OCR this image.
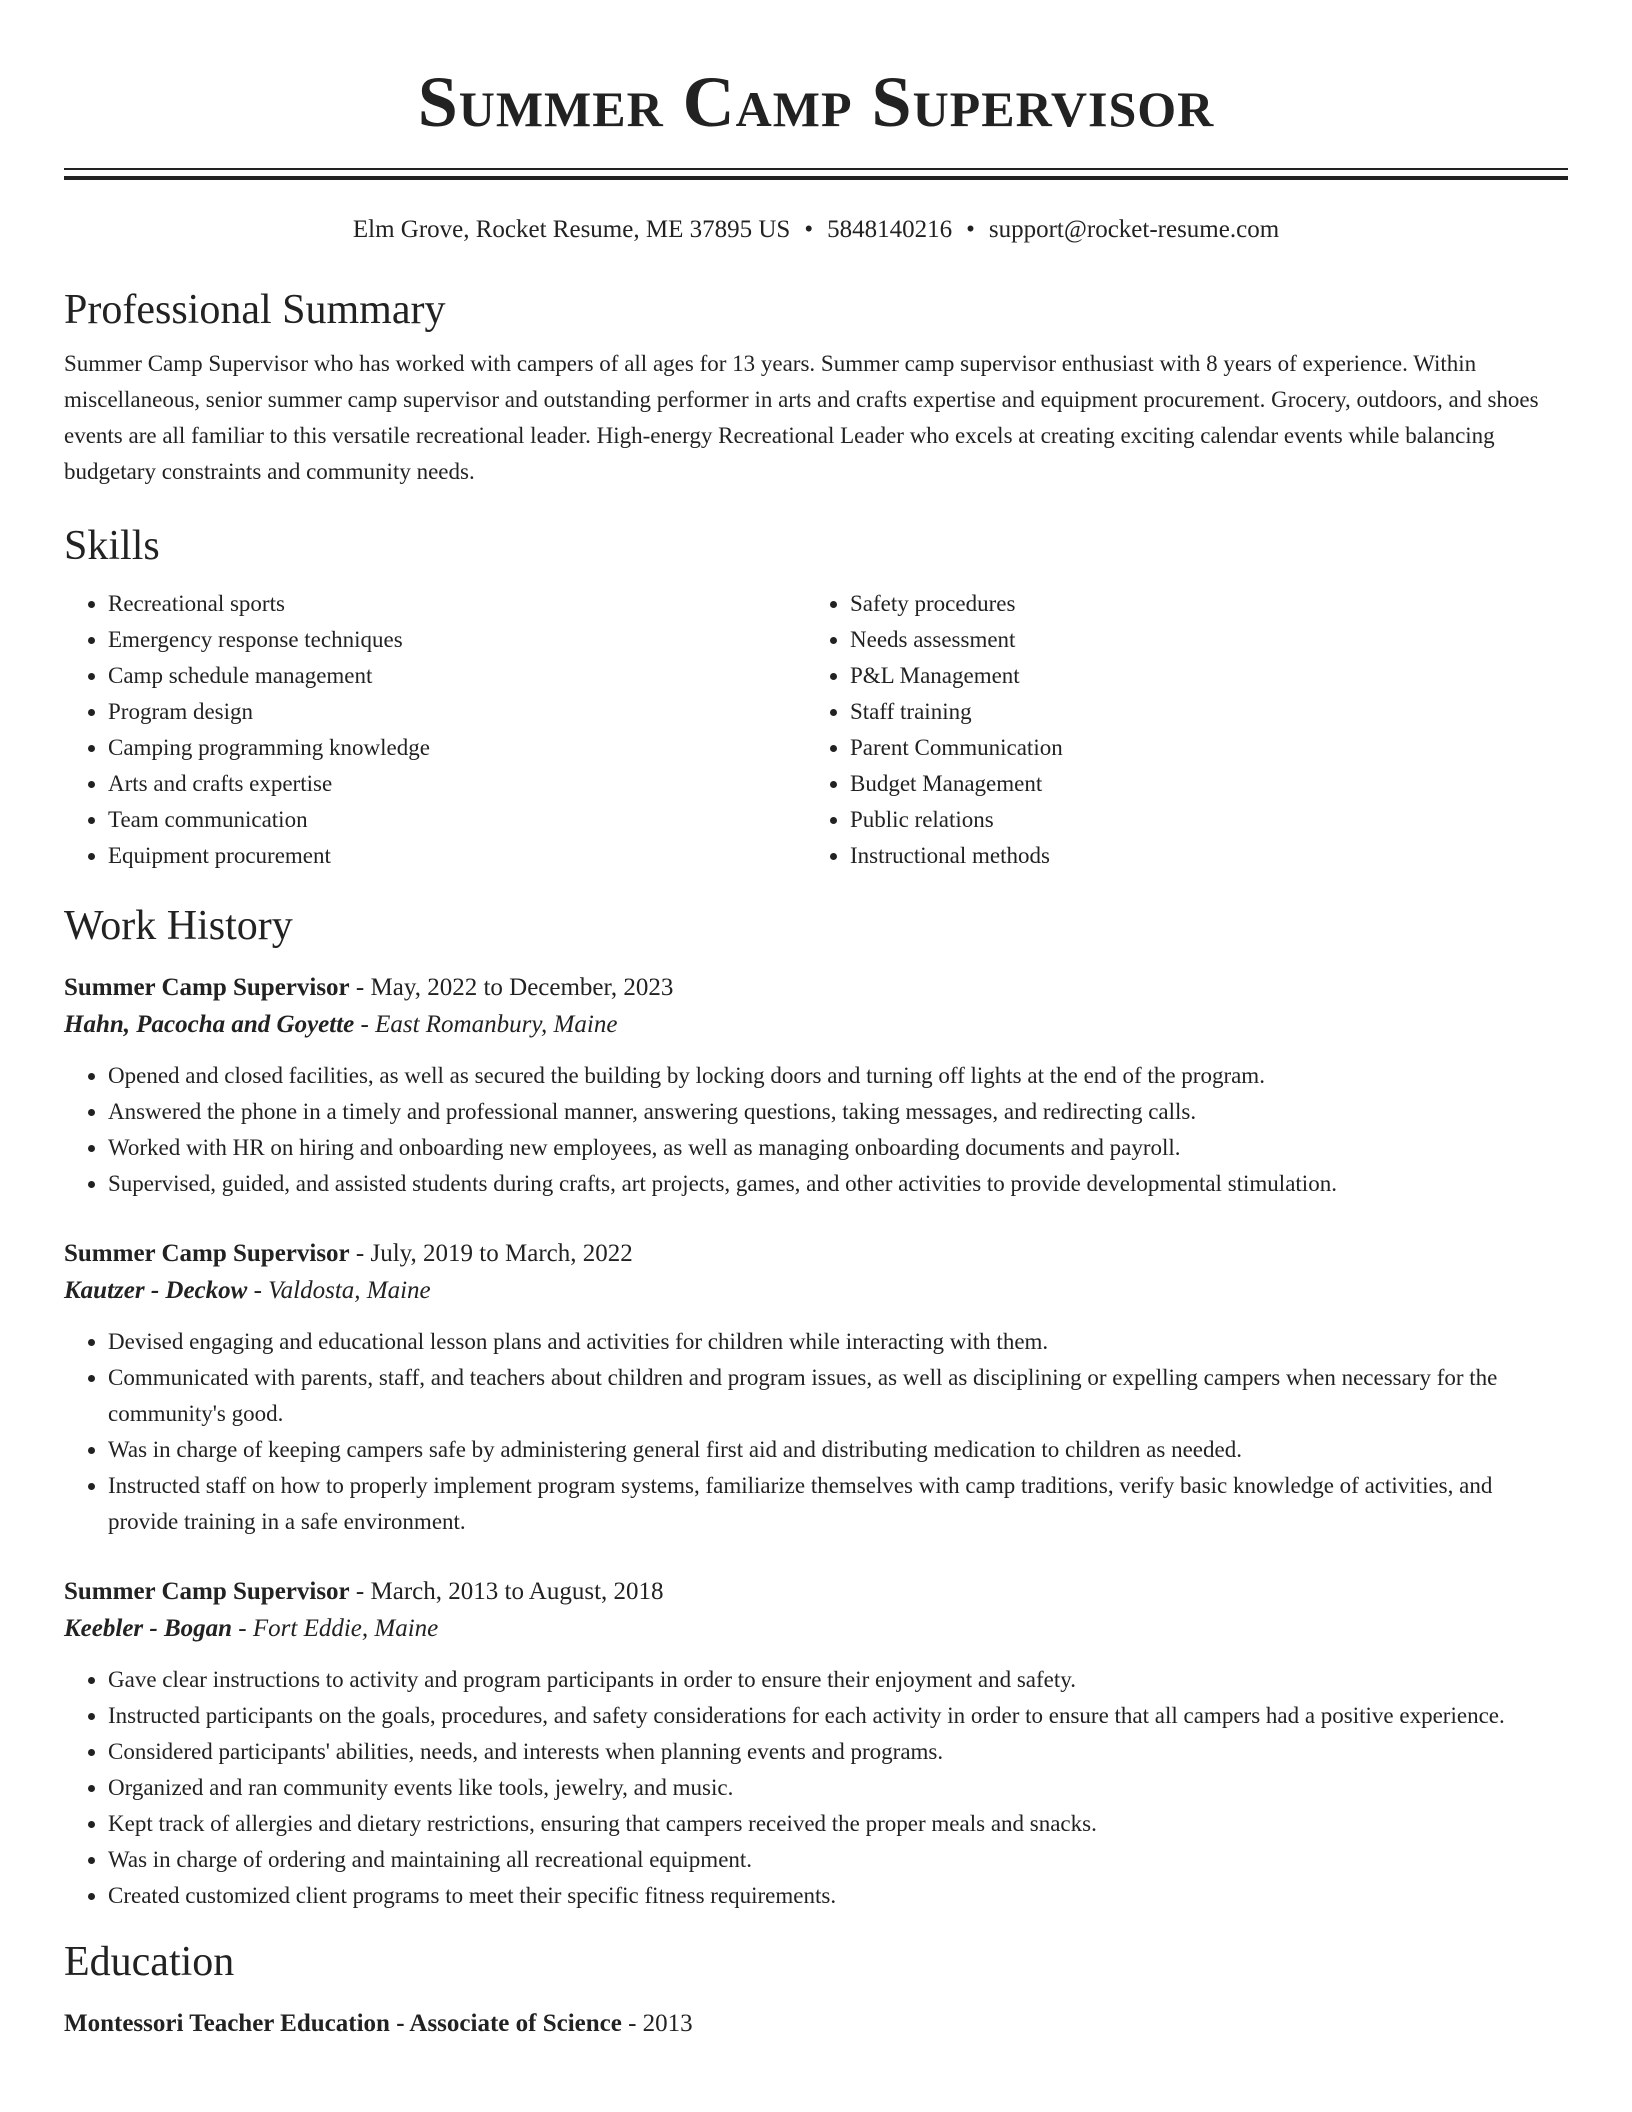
Summer Camp Supervisor
Elm Grove, Rocket Resume, ME 37895 US • 5848140216 • support@rocket-resume.com
Professional Summary
Summer Camp Supervisor who has worked with campers of all ages for 13 years. Summer camp supervisor enthusiast with 8 years of experience. Within miscellaneous, senior summer camp supervisor and outstanding performer in arts and crafts expertise and equipment procurement. Grocery, outdoors, and shoes events are all familiar to this versatile recreational leader. High-energy Recreational Leader who excels at creating exciting calendar events while balancing budgetary constraints and community needs.
Skills
• Recreational sports
• Emergency response techniques
• Camp schedule management
• Program design
• Camping programming knowledge
• Arts and crafts expertise
• Team communication
• Equipment procurement
• Safety procedures
• Needs assessment
• P&L Management
• Staff training
• Parent Communication
• Budget Management
• Public relations
• Instructional methods
Work History
Summer Camp Supervisor - May, 2022 to December, 2023
Hahn, Pacocha and Goyette - East Romanbury, Maine
• Opened and closed facilities, as well as secured the building by locking doors and turning off lights at the end of the program.
• Answered the phone in a timely and professional manner, answering questions, taking messages, and redirecting calls.
• Worked with HR on hiring and onboarding new employees, as well as managing onboarding documents and payroll.
• Supervised, guided, and assisted students during crafts, art projects, games, and other activities to provide developmental stimulation.
Summer Camp Supervisor - July, 2019 to March, 2022
Kautzer - Deckow - Valdosta, Maine
• Devised engaging and educational lesson plans and activities for children while interacting with them.
• Communicated with parents, staff, and teachers about children and program issues, as well as disciplining or expelling campers when necessary for the community's good.
• Was in charge of keeping campers safe by administering general first aid and distributing medication to children as needed.
• Instructed staff on how to properly implement program systems, familiarize themselves with camp traditions, verify basic knowledge of activities, and provide training in a safe environment.
Summer Camp Supervisor - March, 2013 to August, 2018
Keebler - Bogan - Fort Eddie, Maine
• Gave clear instructions to activity and program participants in order to ensure their enjoyment and safety.
• Instructed participants on the goals, procedures, and safety considerations for each activity in order to ensure that all campers had a positive experience.
• Considered participants' abilities, needs, and interests when planning events and programs.
• Organized and ran community events like tools, jewelry, and music.
• Kept track of allergies and dietary restrictions, ensuring that campers received the proper meals and snacks.
• Was in charge of ordering and maintaining all recreational equipment.
• Created customized client programs to meet their specific fitness requirements.
Education
Montessori Teacher Education - Associate of Science - 2013
